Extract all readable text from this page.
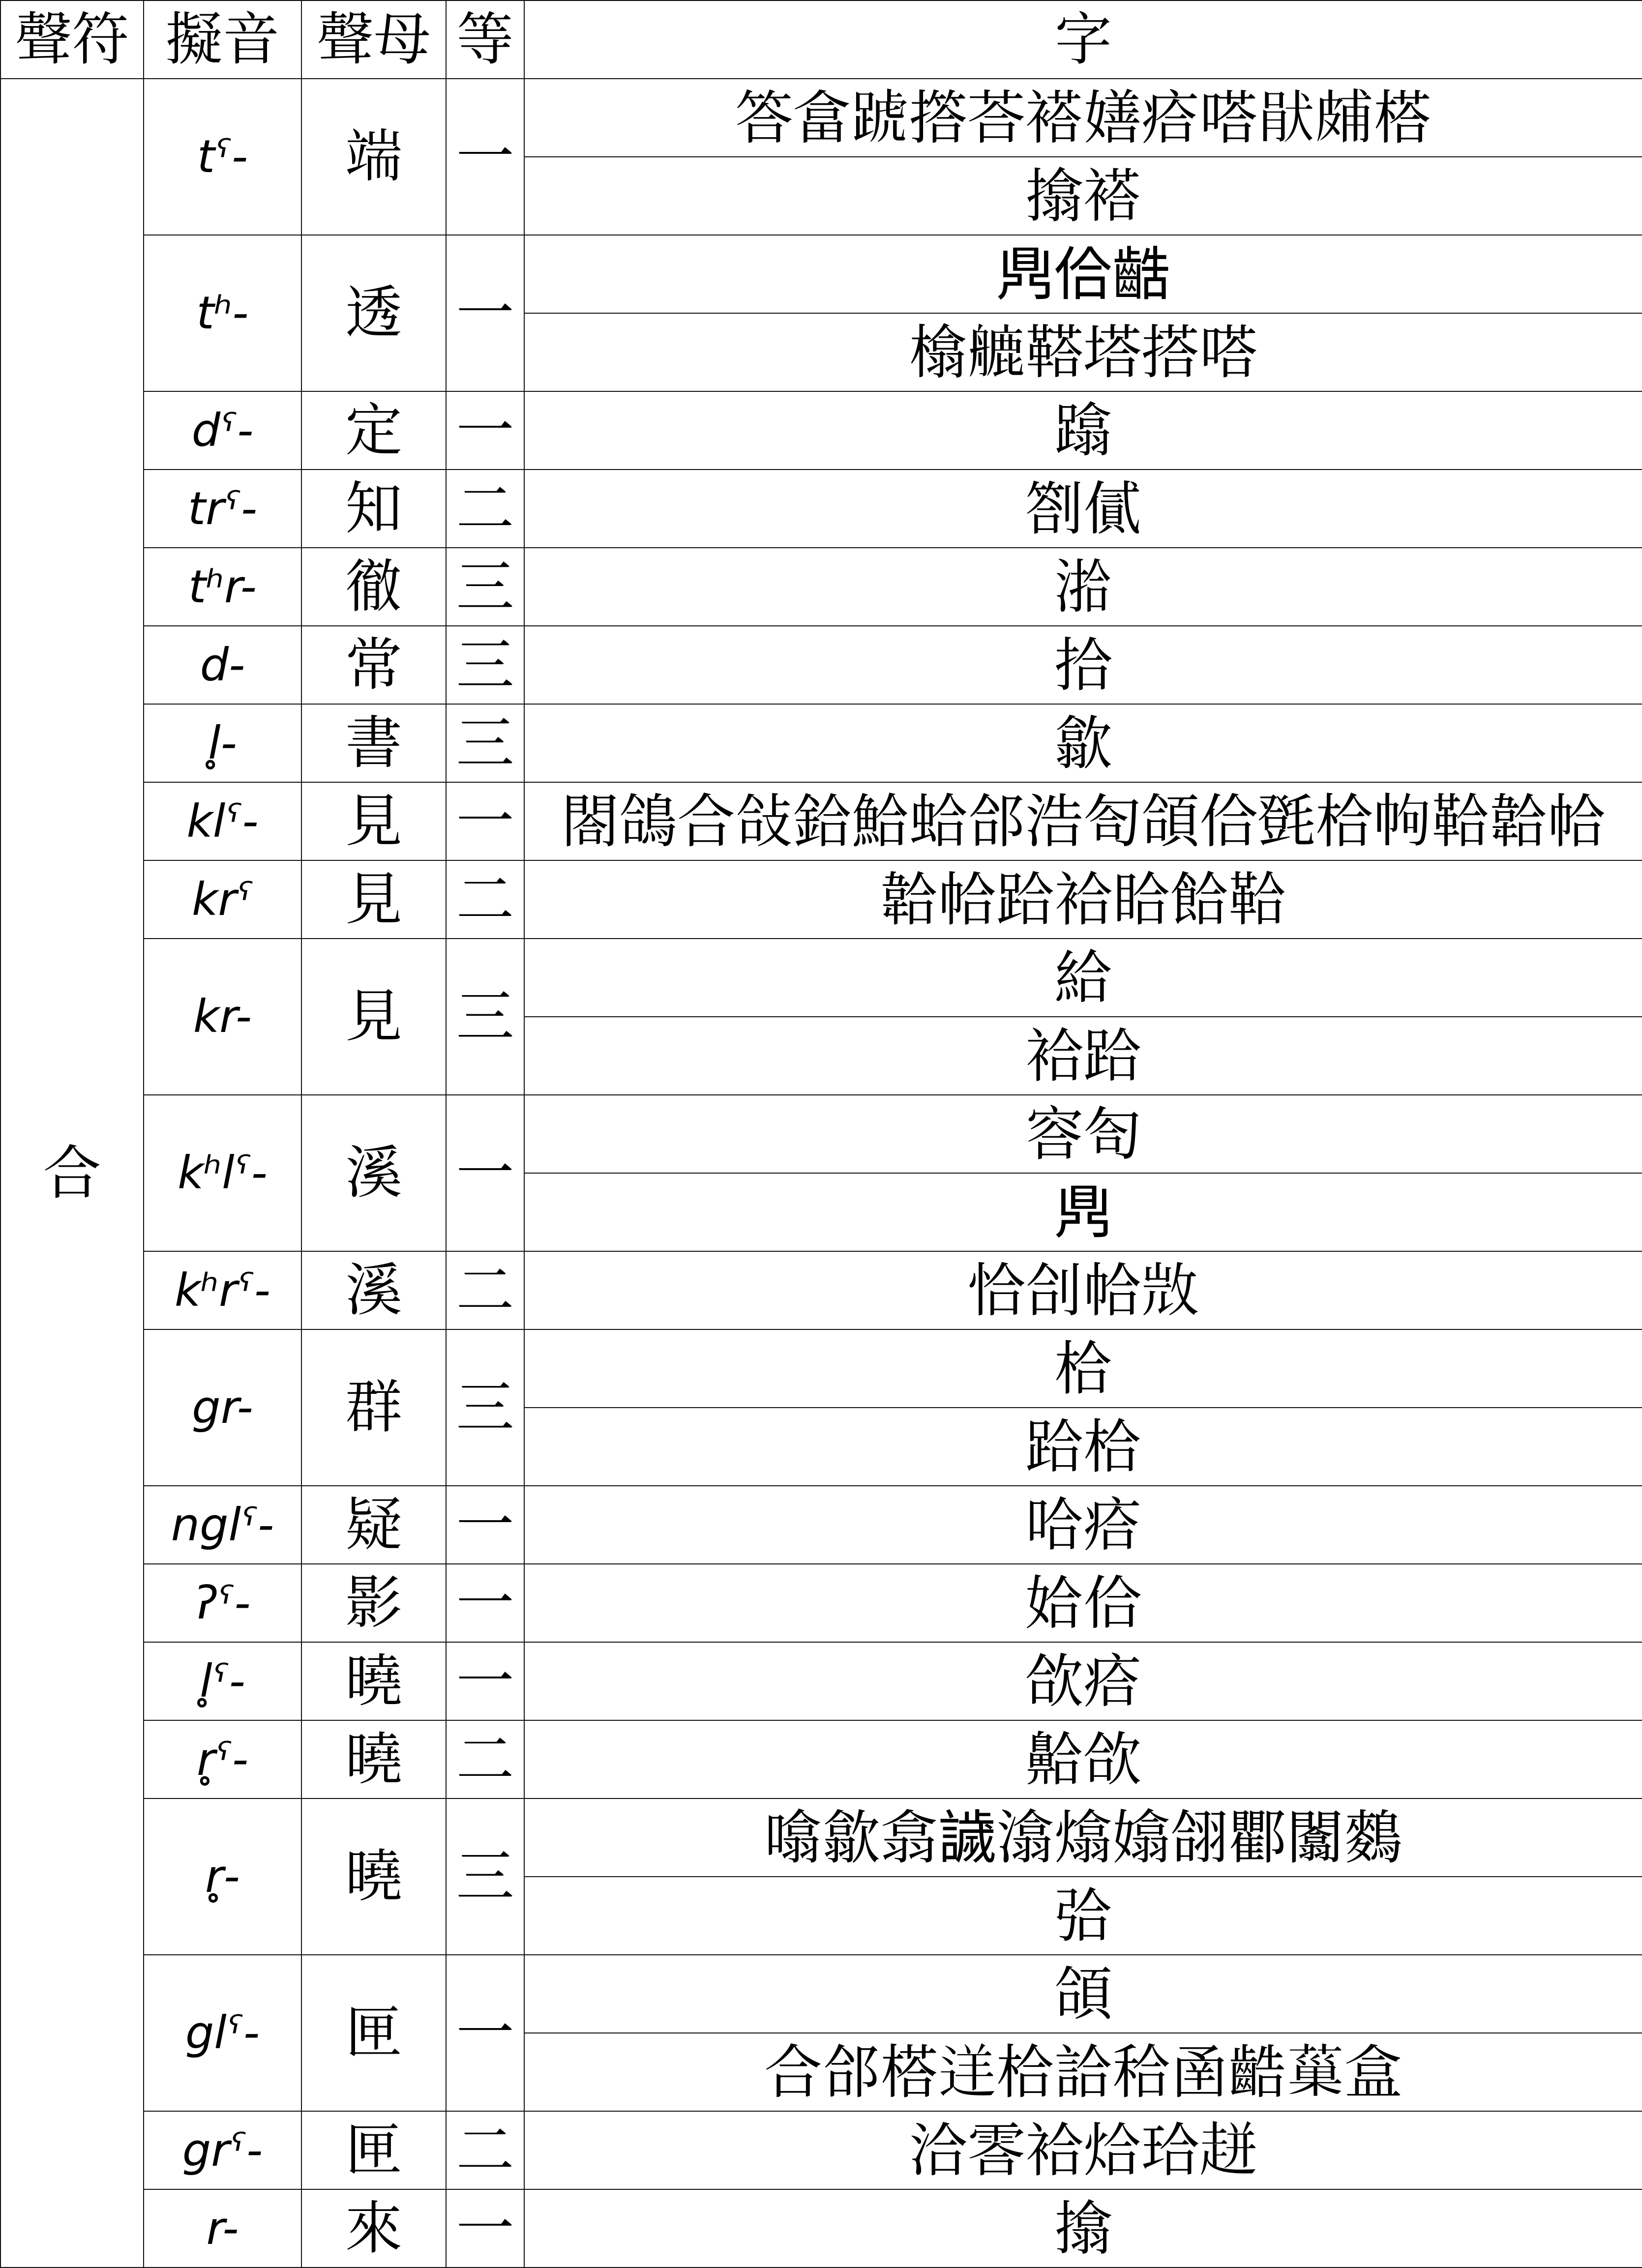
聲符	擬音	聲母	等	字
合	tˤ-	端	一	答畣𨂜撘荅褡嫸㾑嗒𤞣𤿭榙
				㩉褡
	tʰ-	透	一	𪔂佮䶜
				㯓𦪇鞳塔搭嗒
	dˤ-	定	一	蹹
	trˤ-	知	二	劄㒃
	tʰr-	徹	三	湁
	d-	常	三	拾
	l̥-	書	三	歙
	klˤ-	見	一	閤鴿合敆鉿鮯蛤郃浩匌頜佮㲪㭘𢂁鞈韐帢
	krˤ	見	二	韐帢跲袷䀫餄鞈
	kr-	見	三	給
				袷跲
	kʰlˤ-	溪	一	䆟匌
				𪔂
	kʰrˤ-	溪	二	恰㓣帢𣁋
	gr-	群	三	㭘
				跲㭘
	nglˤ-	疑	一	哈㾑
	ʔˤ-	影	一	姶佮
	l̥ˤ-	曉	一	欱㾑
	r̥ˤ-	曉	二	䶎欱
	r̥-	曉	三	噏歙翕𧬨潝熻嬆翖𨟠闟𪄳
				㢵
	glˤ-	匣	一	頜
				合郃榙𨒫㭘詥秴圅䶜𦸛盒
	grˤ-	匣	二	洽䨐袷烚珨𧻓
	r-	來	一	㩉
